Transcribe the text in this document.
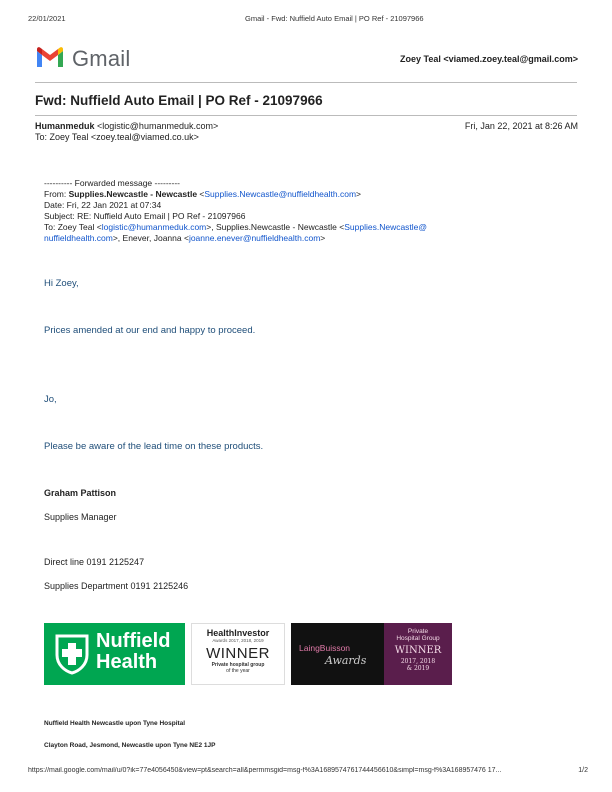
22/01/2021	Gmail - Fwd: Nuffield Auto Email | PO Ref - 21097966
Gmail	Zoey Teal <viamed.zoey.teal@gmail.com>
Fwd: Nuffield Auto Email | PO Ref - 21097966
Humanmeduk <logistic@humanmeduk.com>	Fri, Jan 22, 2021 at 8:26 AM
To: Zoey Teal <zoey.teal@viamed.co.uk>
---------- Forwarded message ---------
From: Supplies.Newcastle - Newcastle <Supplies.Newcastle@nuffieldhealth.com>
Date: Fri, 22 Jan 2021 at 07:34
Subject: RE: Nuffield Auto Email | PO Ref - 21097966
To: Zoey Teal <logistic@humanmeduk.com>, Supplies.Newcastle - Newcastle <Supplies.Newcastle@
nuffieldhealth.com>, Enever, Joanna <joanne.enever@nuffieldhealth.com>
Hi Zoey,
Prices amended at our end and happy to proceed.
Jo,
Please be aware of the lead time on these products.
Graham Pattison
Supplies Manager
Direct line 0191 2125247
Supplies Department 0191 2125246
Nuffield
Health
HealthInvestor
Awards 2017, 2018, 2019
WINNER
Private hospital group
of the year
LaingBuisson
Awards
Private
Hospital Group
WINNER
2017, 2018
& 2019
Nuffield Health Newcastle upon Tyne Hospital
Clayton Road, Jesmond, Newcastle upon Tyne NE2 1JP
https://mail.google.com/mail/u/0?ik=77e4056450&view=pt&search=all&permmsgid=msg-f%3A1689574761744456610&simpl=msg-f%3A168957476 17...	1/2
